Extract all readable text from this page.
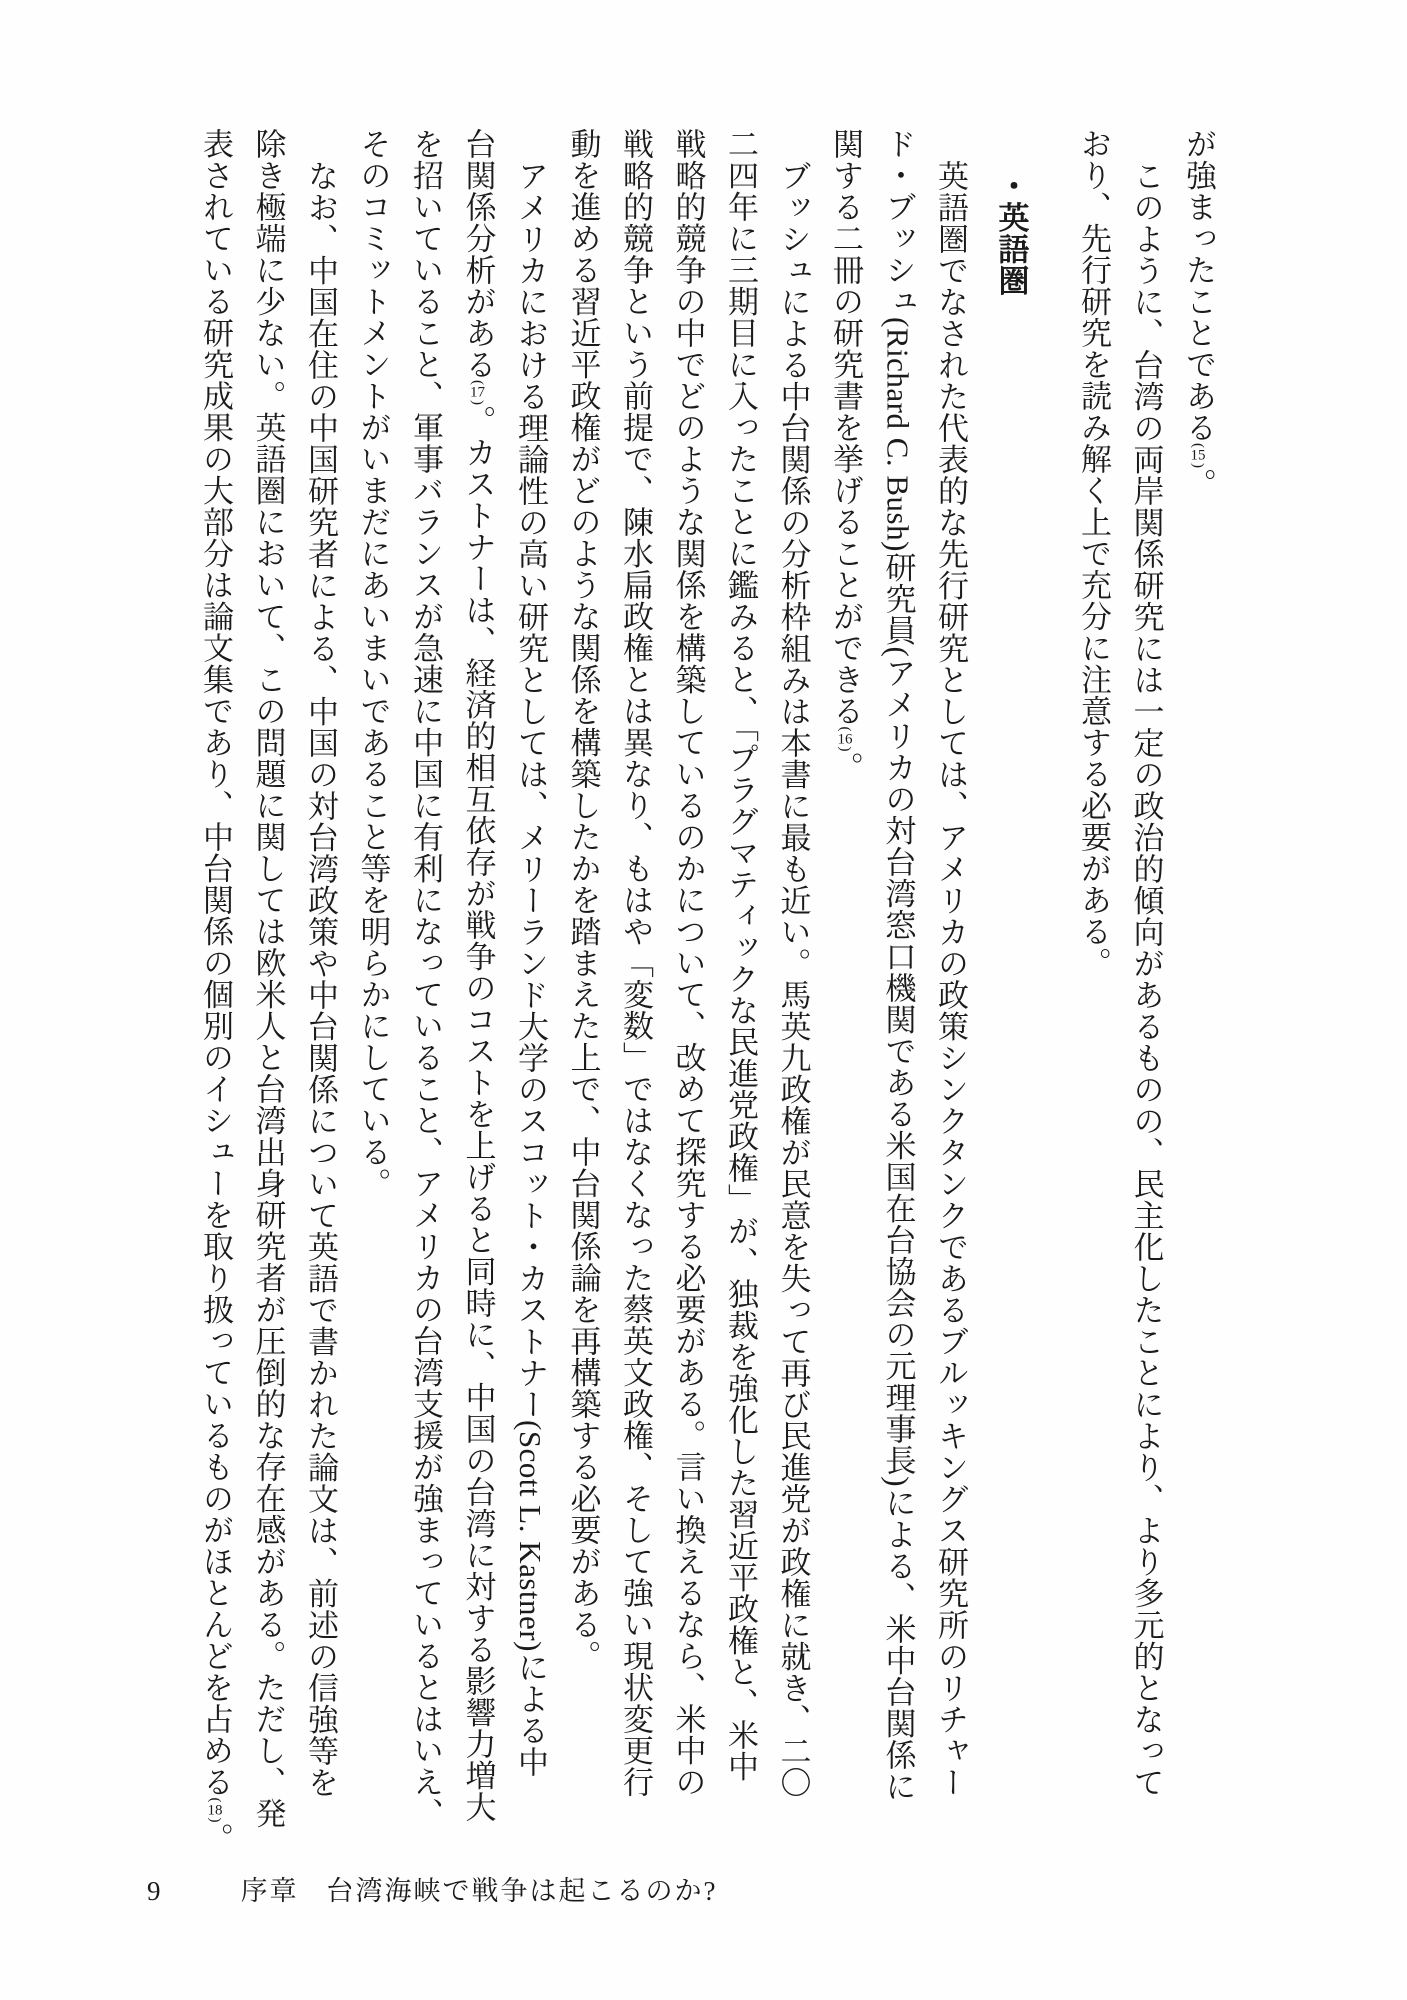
が強まったことである(15)。

このように、台湾の両岸関係研究には一定の政治的傾向があるものの、民主化したことにより、より多元的となって

おり、先行研究を読み解く上で充分に注意する必要がある。

・英語圏

英語圏でなされた代表的な先行研究としては、アメリカの政策シンクタンクであるブルッキングス研究所のリチャー

ド・ブッシュ(Richard C. Bush)研究員(アメリカの対台湾窓口機関である米国在台協会の元理事長)による、米中台関係に

関する二冊の研究書を挙げることができる(16)。

ブッシュによる中台関係の分析枠組みは本書に最も近い。馬英九政権が民意を失って再び民進党が政権に就き、二〇

二四年に三期目に入ったことに鑑みると、「プラグマティックな民進党政権」が、独裁を強化した習近平政権と、米中

戦略的競争の中でどのような関係を構築しているのかについて、改めて探究する必要がある。言い換えるなら、米中の

戦略的競争という前提で、陳水扁政権とは異なり、もはや「変数」ではなくなった蔡英文政権、そして強い現状変更行

動を進める習近平政権がどのような関係を構築したかを踏まえた上で、中台関係論を再構築する必要がある。

アメリカにおける理論性の高い研究としては、メリーランド大学のスコット・カストナー(Scott L. Kastner)による中

台関係分析がある(17)。カストナーは、経済的相互依存が戦争のコストを上げると同時に、中国の台湾に対する影響力増大

を招いていること、軍事バランスが急速に中国に有利になっていること、アメリカの台湾支援が強まっているとはいえ、

そのコミットメントがいまだにあいまいであること等を明らかにしている。

なお、中国在住の中国研究者による、中国の対台湾政策や中台関係について英語で書かれた論文は、前述の信強等を

除き極端に少ない。英語圏において、この問題に関しては欧米人と台湾出身研究者が圧倒的な存在感がある。ただし、発

表されている研究成果の大部分は論文集であり、中台関係の個別のイシューを取り扱っているものがほとんどを占める(18)。

9	序章 台湾海峡で戦争は起こるのか?
